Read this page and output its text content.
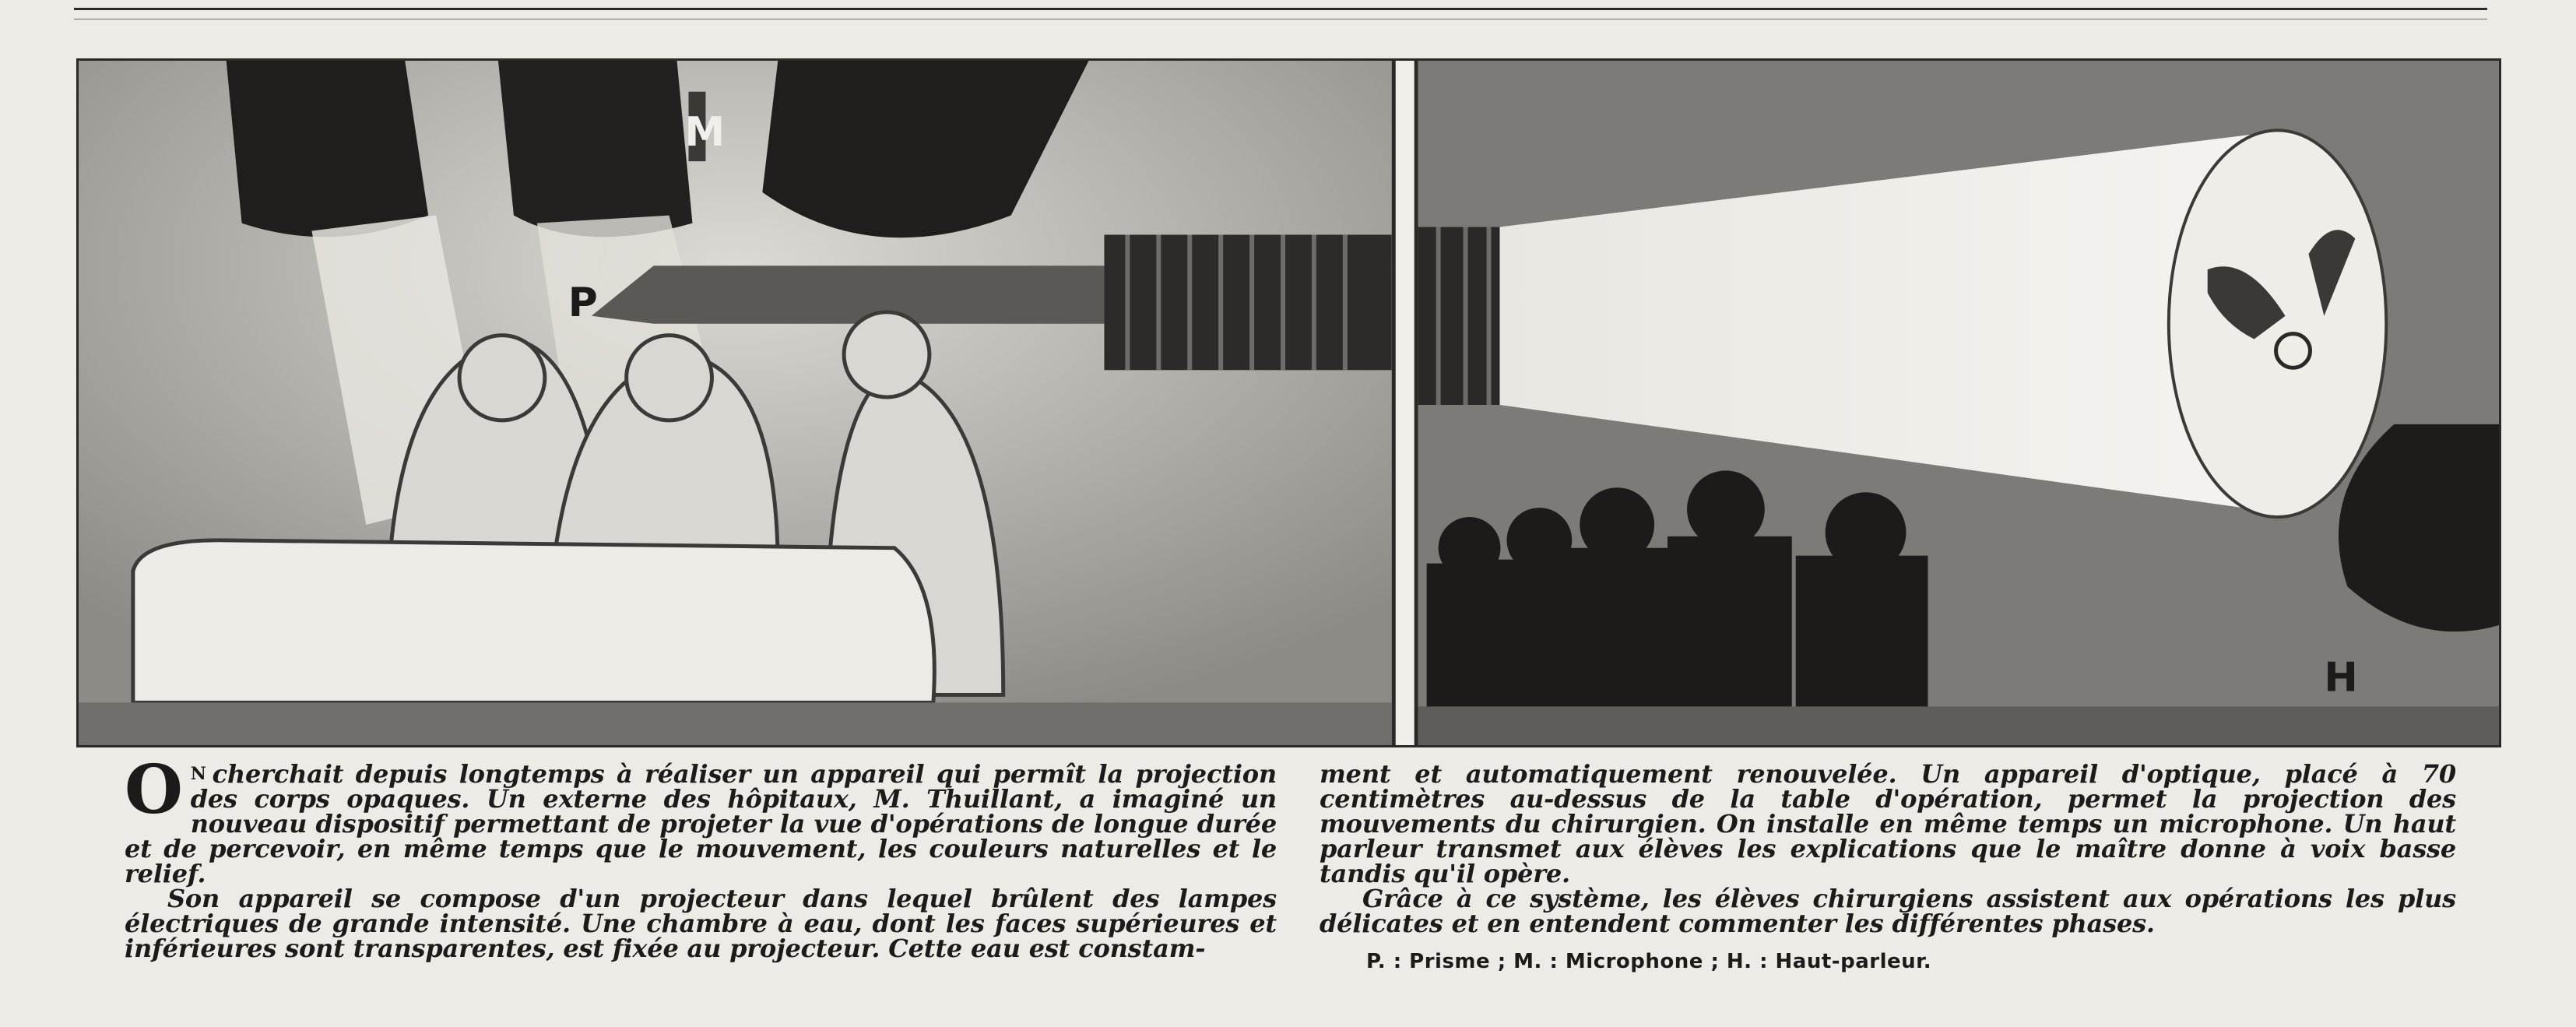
P
M
H

O $^N$ cherchait depuis longtemps à réaliser un appareil qui permît la projection des corps opaques. Un externe des hôpitaux, M. Thuillant, a imaginé un nouveau dispositif permettant de projeter la vue d'opérations de longue durée et de percevoir, en même temps que le mouvement, les couleurs naturelles et le relief.

Son appareil se compose d'un projecteur dans lequel brûlent des lampes électriques de grande intensité. Une chambre à eau, dont les faces supérieures et inférieures sont transparentes, est fixée au projecteur. Cette eau est constam-

ment et automatiquement renouvelée. Un appareil d'optique, placé à 70 centimètres au-dessus de la table d'opération, permet la projection des mouvements du chirurgien. On installe en même temps un microphone. Un haut parleur transmet aux élèves les explications que le maître donne à voix basse tandis qu'il opère.

Grâce à ce système, les élèves chirurgiens assistent aux opérations les plus délicates et en entendent commenter les différentes phases.

P. : Prisme ; M. : Microphone ; H. : Haut-parleur.
